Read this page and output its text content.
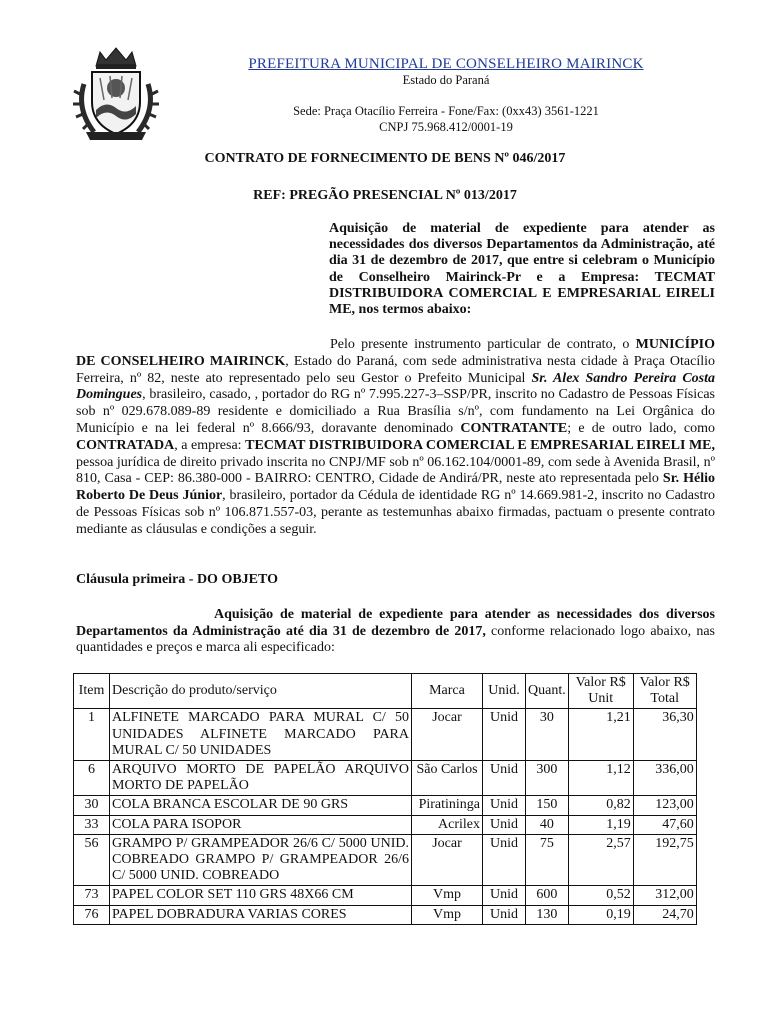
PREFEITURA MUNICIPAL DE CONSELHEIRO MAIRINCK
Estado do Paraná
Sede: Praça Otacílio Ferreira - Fone/Fax: (0xx43) 3561-1221
CNPJ 75.968.412/0001-19
CONTRATO DE FORNECIMENTO DE BENS Nº 046/2017
REF: PREGÃO PRESENCIAL Nº 013/2017
Aquisição de material de expediente para atender as necessidades dos diversos Departamentos da Administração, até dia 31 de dezembro de 2017, que entre si celebram o Município de Conselheiro Mairinck-Pr e a Empresa: TECMAT DISTRIBUIDORA COMERCIAL E EMPRESARIAL EIRELI ME, nos termos abaixo:

Pelo presente instrumento particular de contrato, o MUNICÍPIO DE CONSELHEIRO MAIRINCK, Estado do Paraná, com sede administrativa nesta cidade à Praça Otacílio Ferreira, nº 82, neste ato representado pelo seu Gestor o Prefeito Municipal Sr. Alex Sandro Pereira Costa Domingues, brasileiro, casado, , portador do RG nº 7.995.227-3–SSP/PR, inscrito no Cadastro de Pessoas Físicas sob nº 029.678.089-89 residente e domiciliado a Rua Brasília s/nº, com fundamento na Lei Orgânica do Município e na lei federal nº 8.666/93, doravante denominado CONTRATANTE; e de outro lado, como CONTRATADA, a empresa: TECMAT DISTRIBUIDORA COMERCIAL E EMPRESARIAL EIRELI ME, pessoa jurídica de direito privado inscrita no CNPJ/MF sob nº 06.162.104/0001-89, com sede à Avenida Brasil, nº 810, Casa - CEP: 86.380-000 - BAIRRO: CENTRO, Cidade de Andirá/PR, neste ato representada pelo Sr. Hélio Roberto De Deus Júnior, brasileiro, portador da Cédula de identidade RG nº 14.669.981-2, inscrito no Cadastro de Pessoas Físicas sob nº 106.871.557-03, perante as testemunhas abaixo firmadas, pactuam o presente contrato mediante as cláusulas e condições a seguir.

Cláusula primeira - DO OBJETO

Aquisição de material de expediente para atender as necessidades dos diversos Departamentos da Administração até dia 31 de dezembro de 2017, conforme relacionado logo abaixo, nas quantidades e preços e marca ali especificado:

Item	Descrição do produto/serviço	Marca	Unid.	Quant.	Valor R$ Unit	Valor R$ Total
1	ALFINETE MARCADO PARA MURAL C/ 50 UNIDADES ALFINETE MARCADO PARA MURAL C/ 50 UNIDADES	Jocar	Unid	30	1,21	36,30
6	ARQUIVO MORTO DE PAPELÃO ARQUIVO MORTO DE PAPELÃO	São Carlos	Unid	300	1,12	336,00
30	COLA BRANCA ESCOLAR DE 90 GRS	Piratininga	Unid	150	0,82	123,00
33	COLA PARA ISOPOR	Acrilex	Unid	40	1,19	47,60
56	GRAMPO P/ GRAMPEADOR 26/6 C/ 5000 UNID. COBREADO GRAMPO P/ GRAMPEADOR 26/6 C/ 5000 UNID. COBREADO	Jocar	Unid	75	2,57	192,75
73	PAPEL COLOR SET 110 GRS 48X66 CM	Vmp	Unid	600	0,52	312,00
76	PAPEL DOBRADURA VARIAS CORES	Vmp	Unid	130	0,19	24,70
